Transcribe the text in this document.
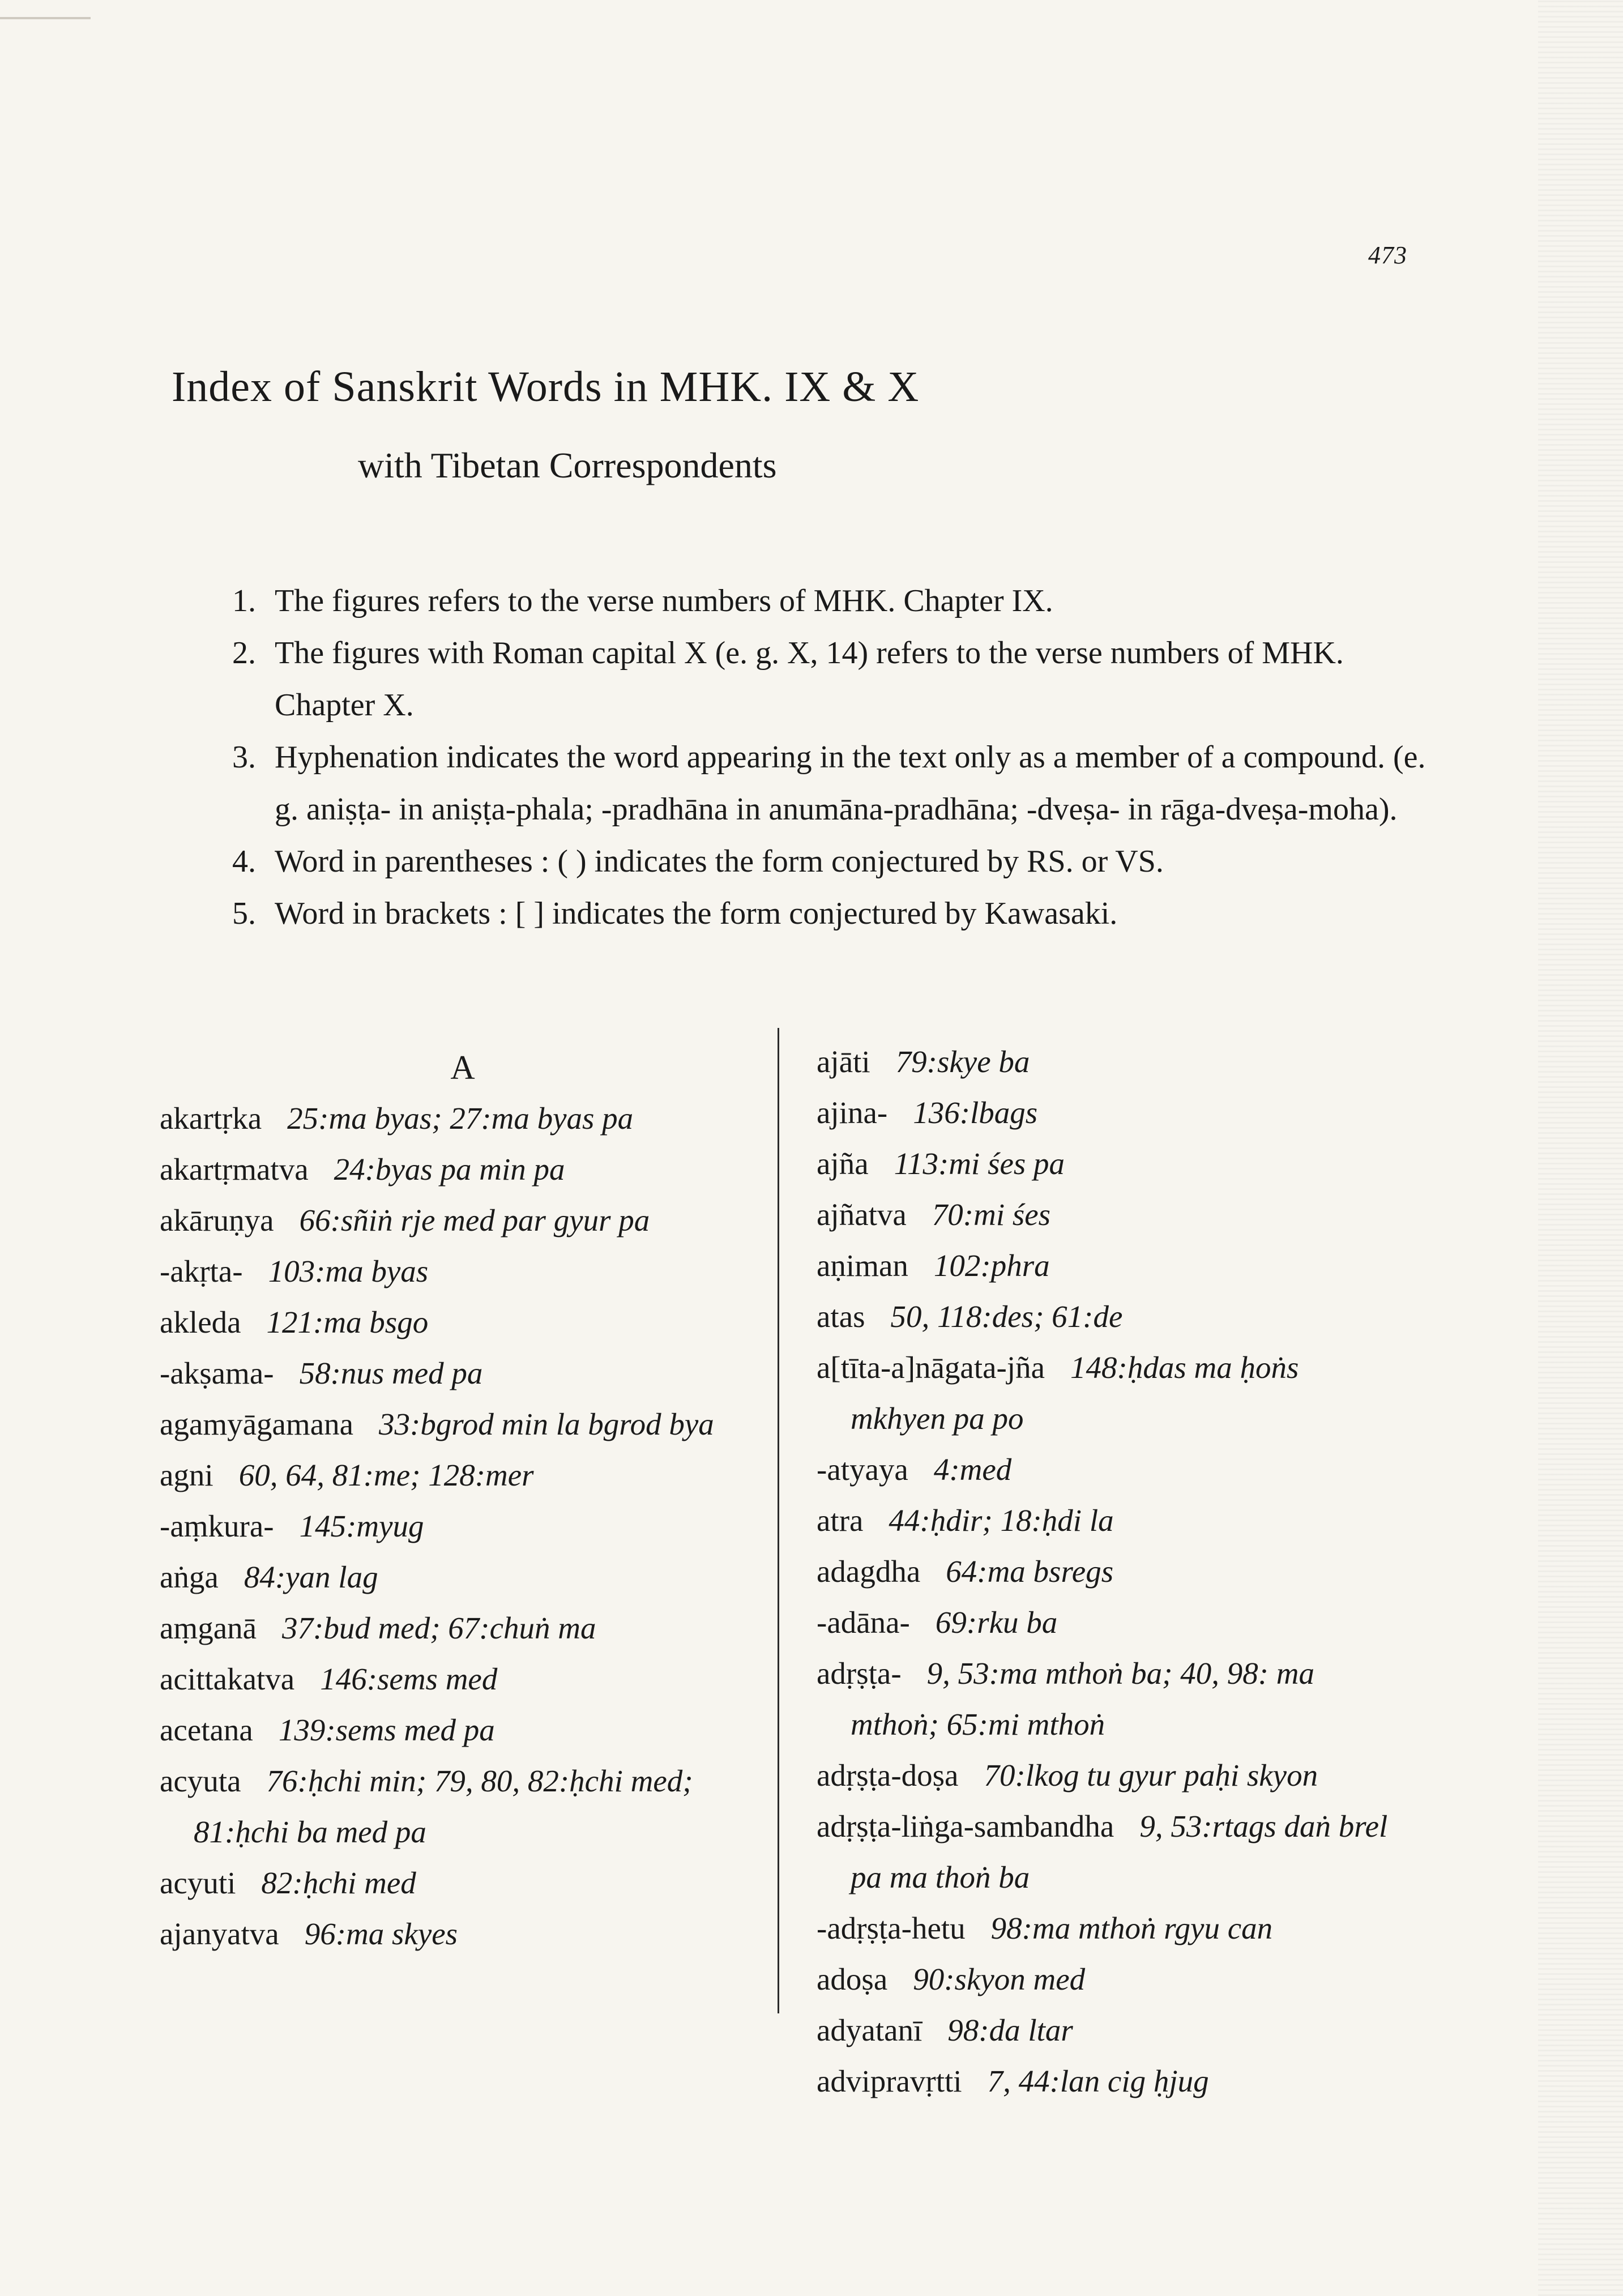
473
Index of Sanskrit Words in MHK. IX & X
with Tibetan Correspondents
1. The figures refers to the verse numbers of MHK. Chapter IX.
2. The figures with Roman capital X (e. g. X, 14) refers to the verse numbers of MHK. Chapter X.
3. Hyphenation indicates the word appearing in the text only as a member of a compound. (e. g. aniṣṭa- in aniṣṭa-phala; -pradhāna in anumāna-pradhāna; -dveṣa- in rāga-dveṣa-moha).
4. Word in parentheses : ( ) indicates the form conjectured by RS. or VS.
5. Word in brackets : [ ] indicates the form conjectured by Kawasaki.
A
akartṛka 25:ma byas; 27:ma byas pa
akartṛmatva 24:byas pa min pa
akāruṇya 66:sñiṅ rje med par gyur pa
-akṛta- 103:ma byas
akleda 121:ma bsgo
-akṣama- 58:nus med pa
agamyāgamana 33:bgrod min la bgrod bya
agni 60, 64, 81:me; 128:mer
-aṃkura- 145:myug
aṅga 84:yan lag
aṃganā 37:bud med; 67:chuṅ ma
acittakatva 146:sems med
acetana 139:sems med pa
acyuta 76:ḥchi min; 79, 80, 82:ḥchi med; 81:ḥchi ba med pa
acyuti 82:ḥchi med
ajanyatva 96:ma skyes
ajāti 79:skye ba
ajina- 136:lbags
ajña 113:mi śes pa
ajñatva 70:mi śes
aṇiman 102:phra
atas 50, 118:des; 61:de
a[tīta-a]nāgata-jña 148:ḥdas ma ḥoṅs mkhyen pa po
-atyaya 4:med
atra 44:ḥdir; 18:ḥdi la
adagdha 64:ma bsregs
-adāna- 69:rku ba
adṛṣṭa- 9, 53:ma mthoṅ ba; 40, 98: ma mthoṅ; 65:mi mthoṅ
adṛṣṭa-doṣa 70:lkog tu gyur paḥi skyon
adṛṣṭa-liṅga-sambandha 9, 53:rtags daṅ brel pa ma thoṅ ba
-adṛṣṭa-hetu 98:ma mthoṅ rgyu can
adoṣa 90:skyon med
adyatanī 98:da ltar
advipravṛtti 7, 44:lan cig ḥjug
